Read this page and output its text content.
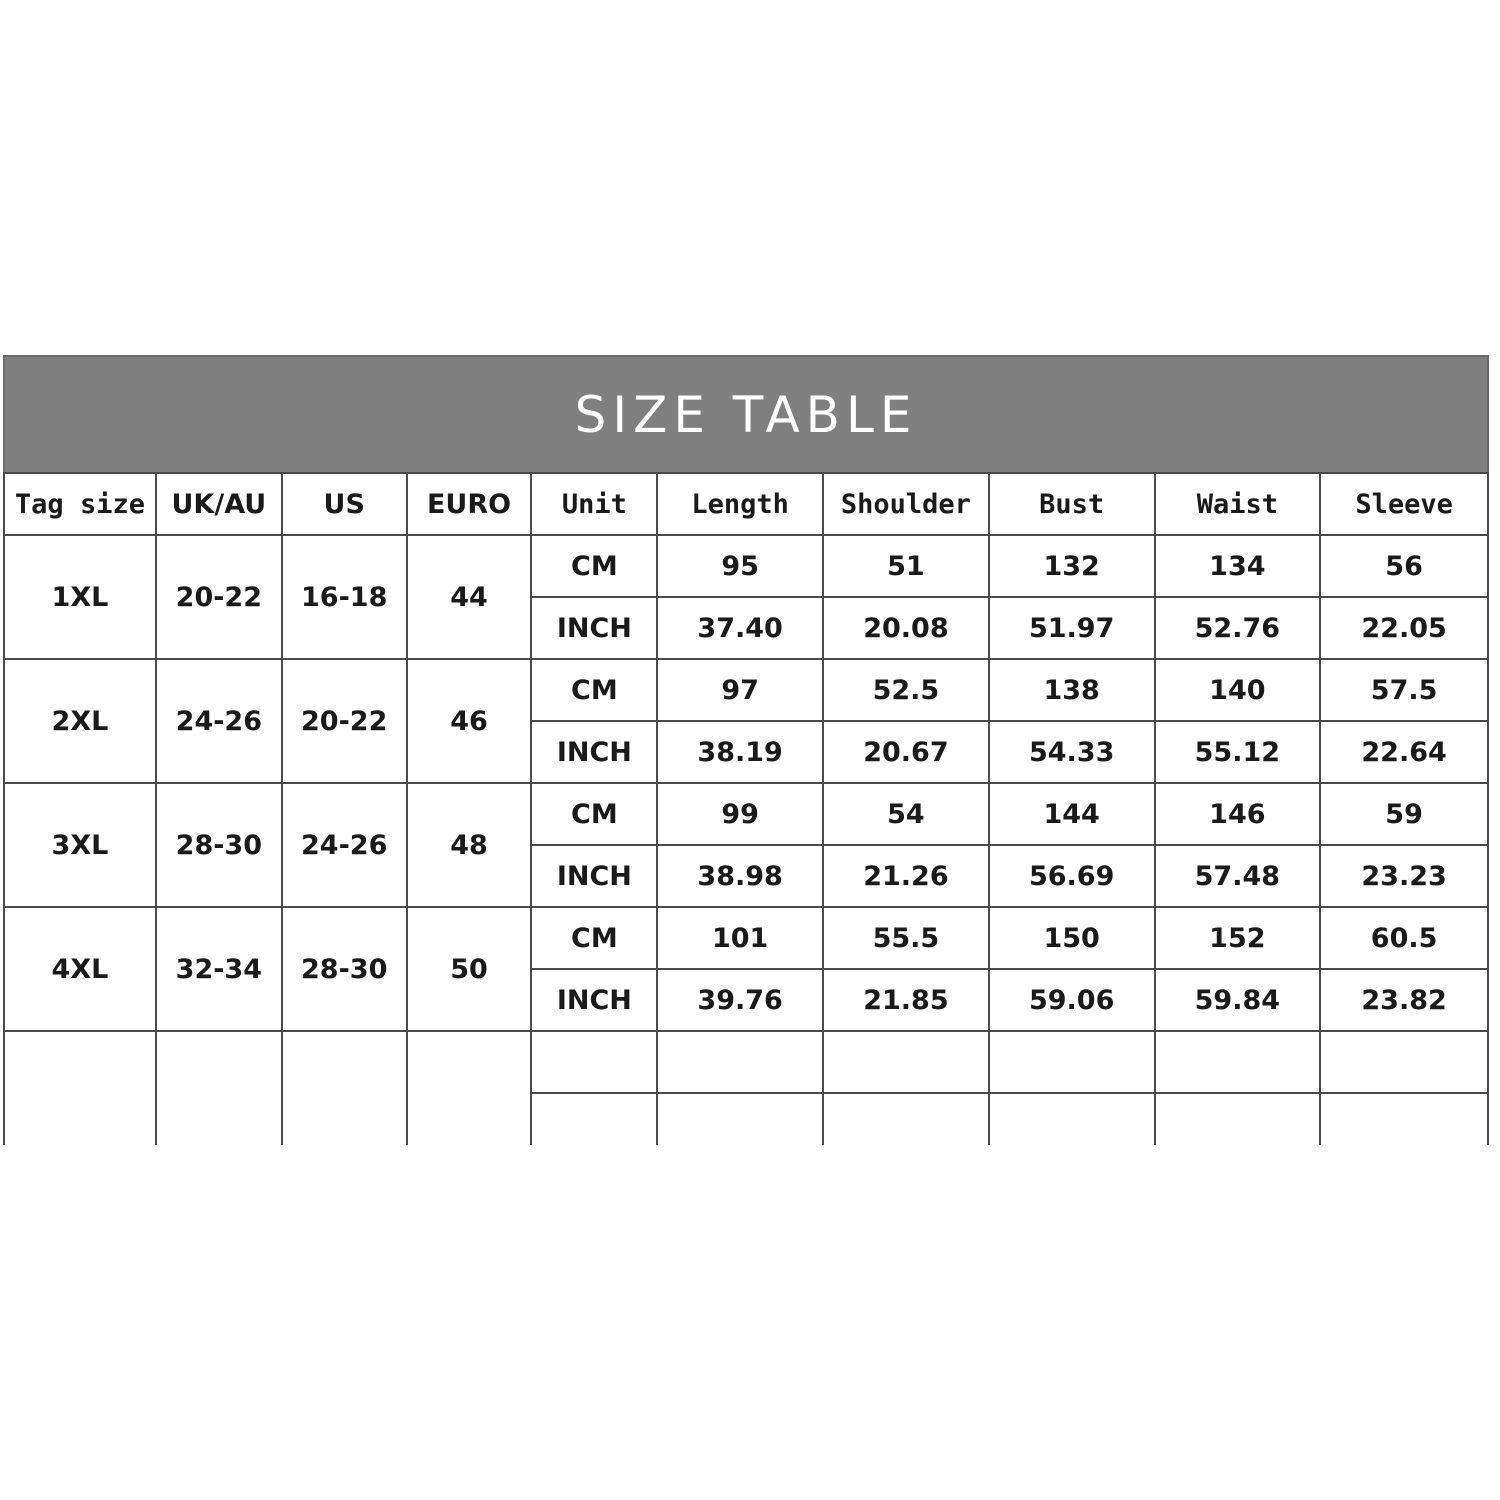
SIZE TABLE
Tag size	UK/AU	US	EURO	Unit	Length	Shoulder	Bust	Waist	Sleeve
1XL	20-22	16-18	44	CM	95	51	132	134	56
				INCH	37.40	20.08	51.97	52.76	22.05
2XL	24-26	20-22	46	CM	97	52.5	138	140	57.5
				INCH	38.19	20.67	54.33	55.12	22.64
3XL	28-30	24-26	48	CM	99	54	144	146	59
				INCH	38.98	21.26	56.69	57.48	23.23
4XL	32-34	28-30	50	CM	101	55.5	150	152	60.5
				INCH	39.76	21.85	59.06	59.84	23.82
